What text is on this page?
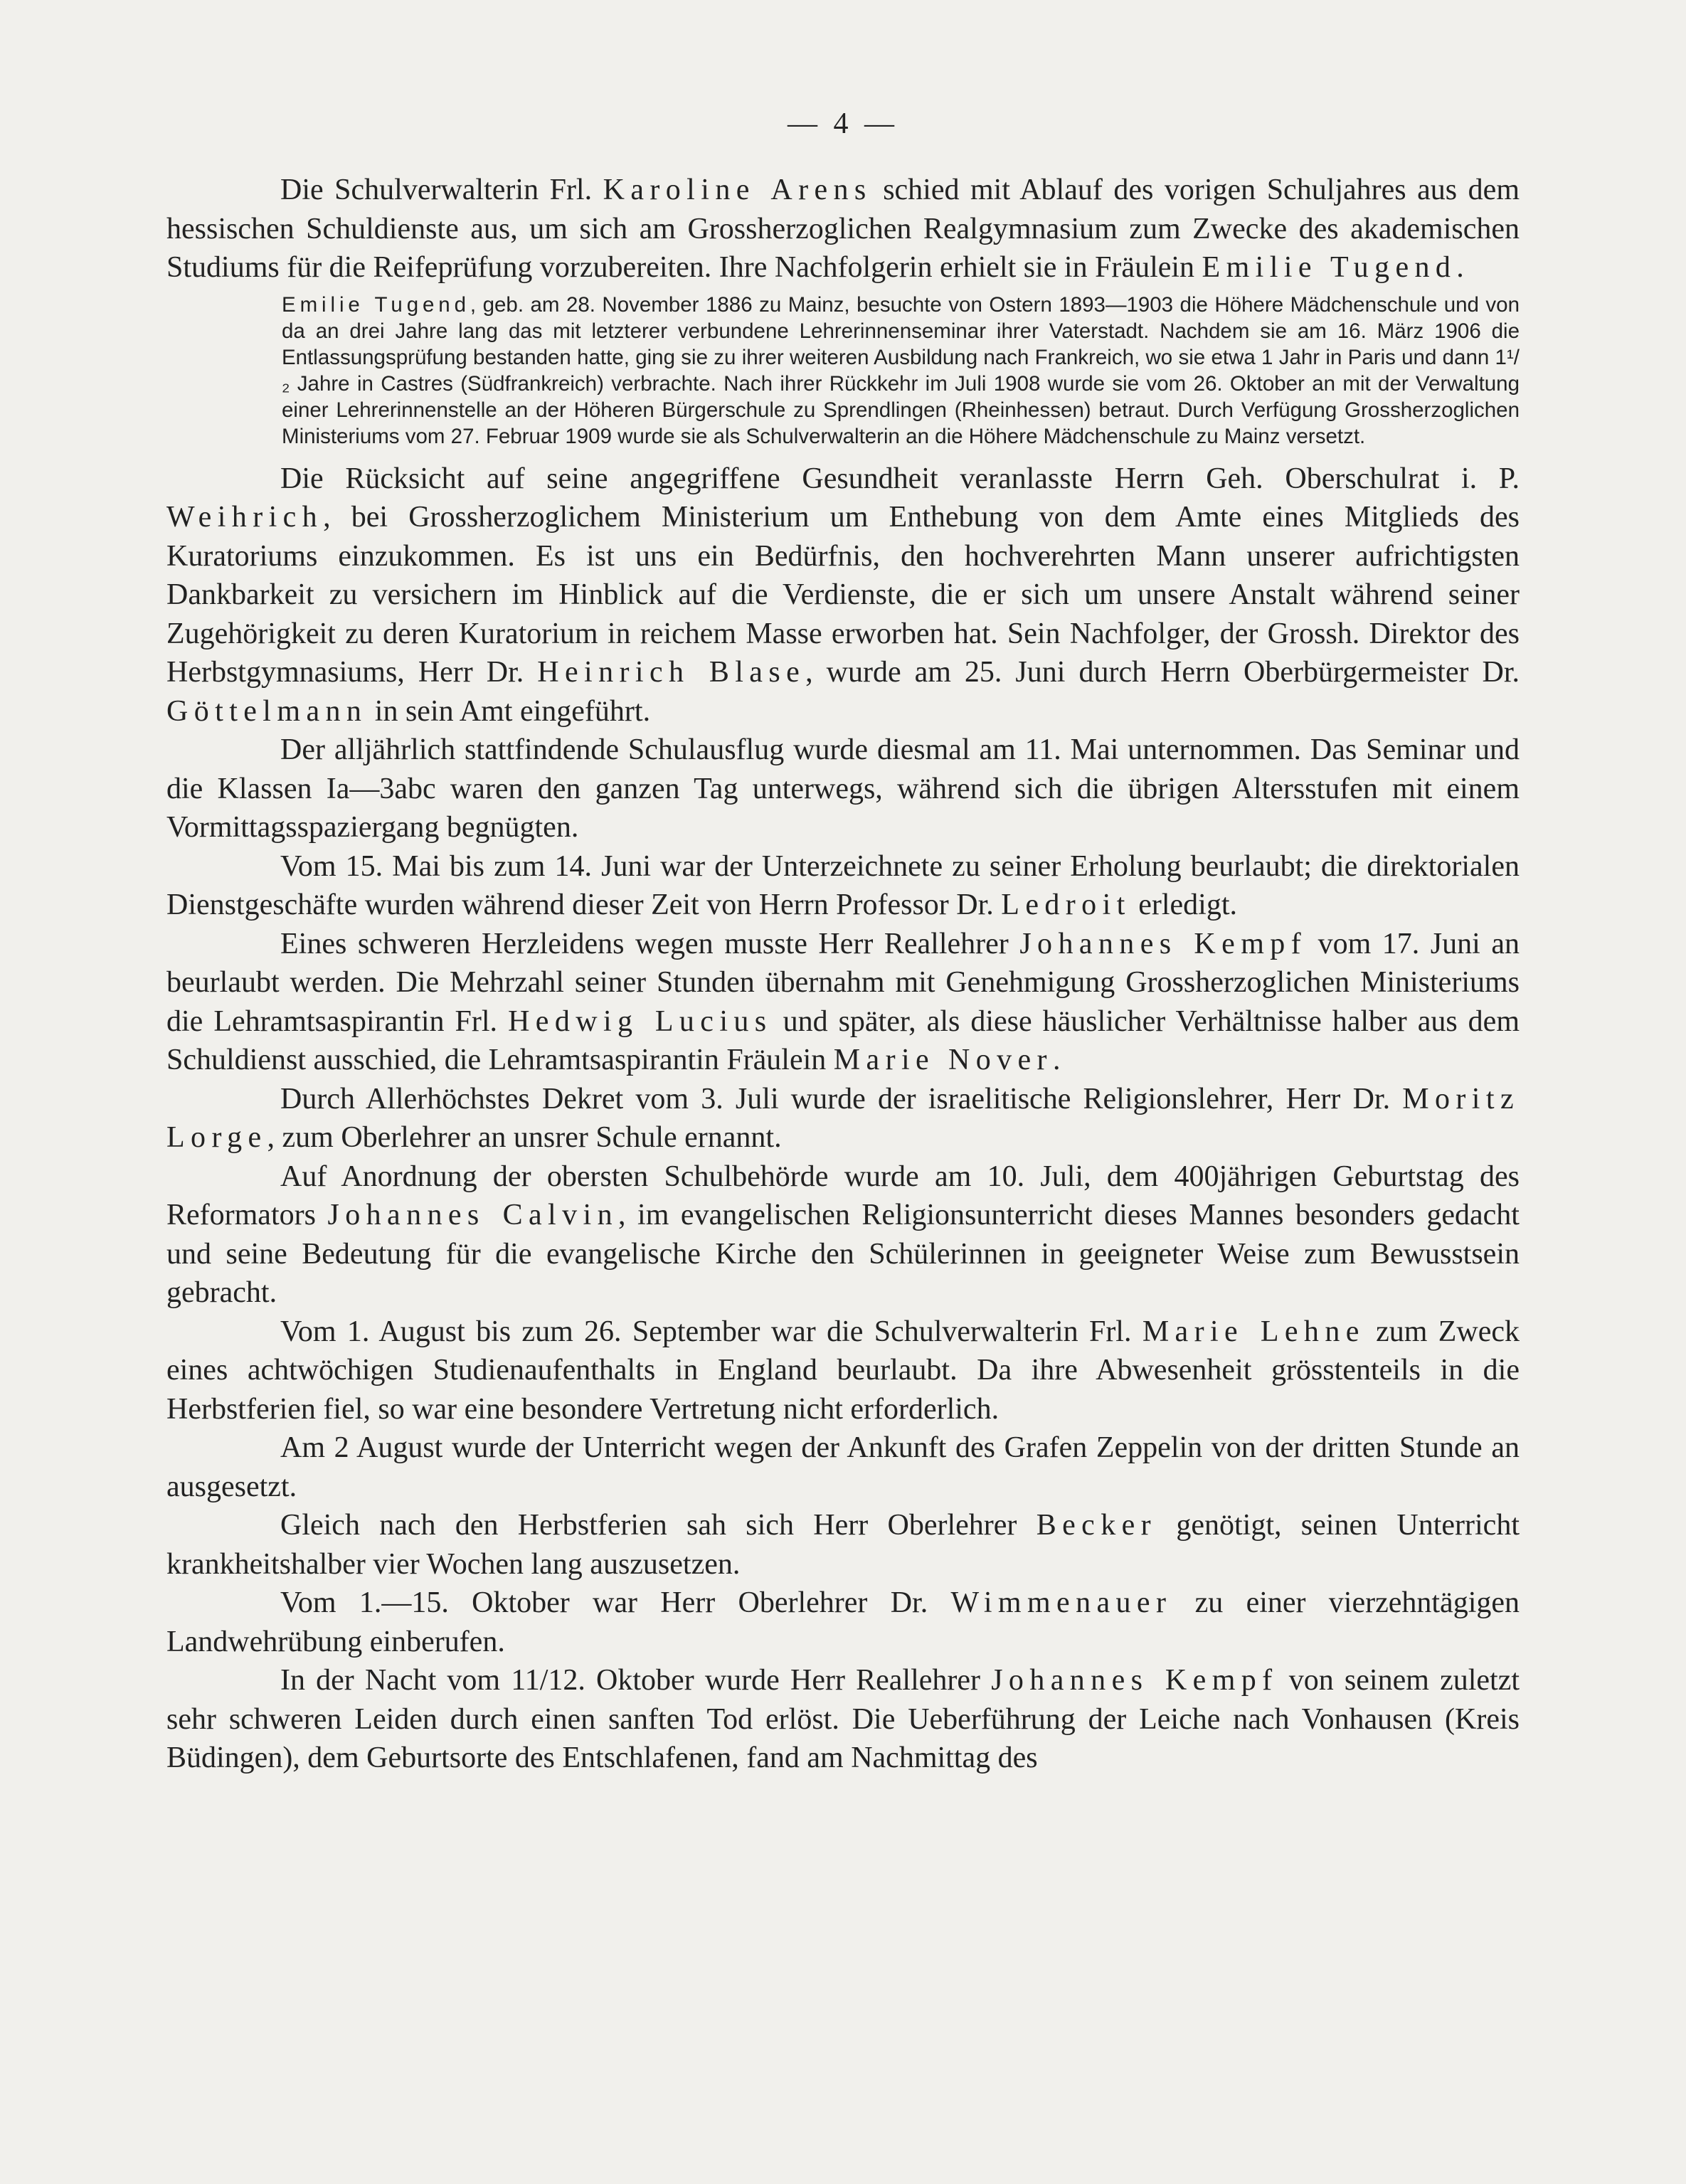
— 4 —

Die Schulverwalterin Frl. Karoline Arens schied mit Ablauf des vorigen Schuljahres aus dem hessischen Schuldienste aus, um sich am Grossherzoglichen Realgymnasium zum Zwecke des akademischen Studiums für die Reifeprüfung vorzubereiten. Ihre Nachfolgerin erhielt sie in Fräulein Emilie Tugend.

Emilie Tugend, geb. am 28. November 1886 zu Mainz, besuchte von Ostern 1893—1903 die Höhere Mädchenschule und von da an drei Jahre lang das mit letzterer verbundene Lehrerinnenseminar ihrer Vaterstadt. Nachdem sie am 16. März 1906 die Entlassungsprüfung bestanden hatte, ging sie zu ihrer weiteren Ausbildung nach Frankreich, wo sie etwa 1 Jahr in Paris und dann 1¹/₂ Jahre in Castres (Südfrankreich) verbrachte. Nach ihrer Rückkehr im Juli 1908 wurde sie vom 26. Oktober an mit der Verwaltung einer Lehrerinnenstelle an der Höheren Bürgerschule zu Sprendlingen (Rheinhessen) betraut. Durch Verfügung Grossherzoglichen Ministeriums vom 27. Februar 1909 wurde sie als Schulverwalterin an die Höhere Mädchenschule zu Mainz versetzt.

Die Rücksicht auf seine angegriffene Gesundheit veranlasste Herrn Geh. Oberschulrat i. P. Weihrich, bei Grossherzoglichem Ministerium um Enthebung von dem Amte eines Mitglieds des Kuratoriums einzukommen. Es ist uns ein Bedürfnis, den hochverehrten Mann unserer aufrichtigsten Dankbarkeit zu versichern im Hinblick auf die Verdienste, die er sich um unsere Anstalt während seiner Zugehörigkeit zu deren Kuratorium in reichem Masse erworben hat. Sein Nachfolger, der Grossh. Direktor des Herbstgymnasiums, Herr Dr. Heinrich Blase, wurde am 25. Juni durch Herrn Oberbürgermeister Dr. Göttelmann in sein Amt eingeführt.

Der alljährlich stattfindende Schulausflug wurde diesmal am 11. Mai unternommen. Das Seminar und die Klassen Ia—3abc waren den ganzen Tag unterwegs, während sich die übrigen Altersstufen mit einem Vormittagsspaziergang begnügten.

Vom 15. Mai bis zum 14. Juni war der Unterzeichnete zu seiner Erholung beurlaubt; die direktorialen Dienstgeschäfte wurden während dieser Zeit von Herrn Professor Dr. Ledroit erledigt.

Eines schweren Herzleidens wegen musste Herr Reallehrer Johannes Kempf vom 17. Juni an beurlaubt werden. Die Mehrzahl seiner Stunden übernahm mit Genehmigung Grossherzoglichen Ministeriums die Lehramtsaspirantin Frl. Hedwig Lucius und später, als diese häuslicher Verhältnisse halber aus dem Schuldienst ausschied, die Lehramtsaspirantin Fräulein Marie Nover.

Durch Allerhöchstes Dekret vom 3. Juli wurde der israelitische Religionslehrer, Herr Dr. Moritz Lorge, zum Oberlehrer an unsrer Schule ernannt.

Auf Anordnung der obersten Schulbehörde wurde am 10. Juli, dem 400jährigen Geburtstag des Reformators Johannes Calvin, im evangelischen Religionsunterricht dieses Mannes besonders gedacht und seine Bedeutung für die evangelische Kirche den Schülerinnen in geeigneter Weise zum Bewusstsein gebracht.

Vom 1. August bis zum 26. September war die Schulverwalterin Frl. Marie Lehne zum Zweck eines achtwöchigen Studienaufenthalts in England beurlaubt. Da ihre Abwesenheit grösstenteils in die Herbstferien fiel, so war eine besondere Vertretung nicht erforderlich.

Am 2 August wurde der Unterricht wegen der Ankunft des Grafen Zeppelin von der dritten Stunde an ausgesetzt.

Gleich nach den Herbstferien sah sich Herr Oberlehrer Becker genötigt, seinen Unterricht krankheitshalber vier Wochen lang auszusetzen.

Vom 1.—15. Oktober war Herr Oberlehrer Dr. Wimmenauer zu einer vierzehntägigen Landwehrübung einberufen.

In der Nacht vom 11/12. Oktober wurde Herr Reallehrer Johannes Kempf von seinem zuletzt sehr schweren Leiden durch einen sanften Tod erlöst. Die Ueberführung der Leiche nach Vonhausen (Kreis Büdingen), dem Geburtsorte des Entschlafenen, fand am Nachmittag des
